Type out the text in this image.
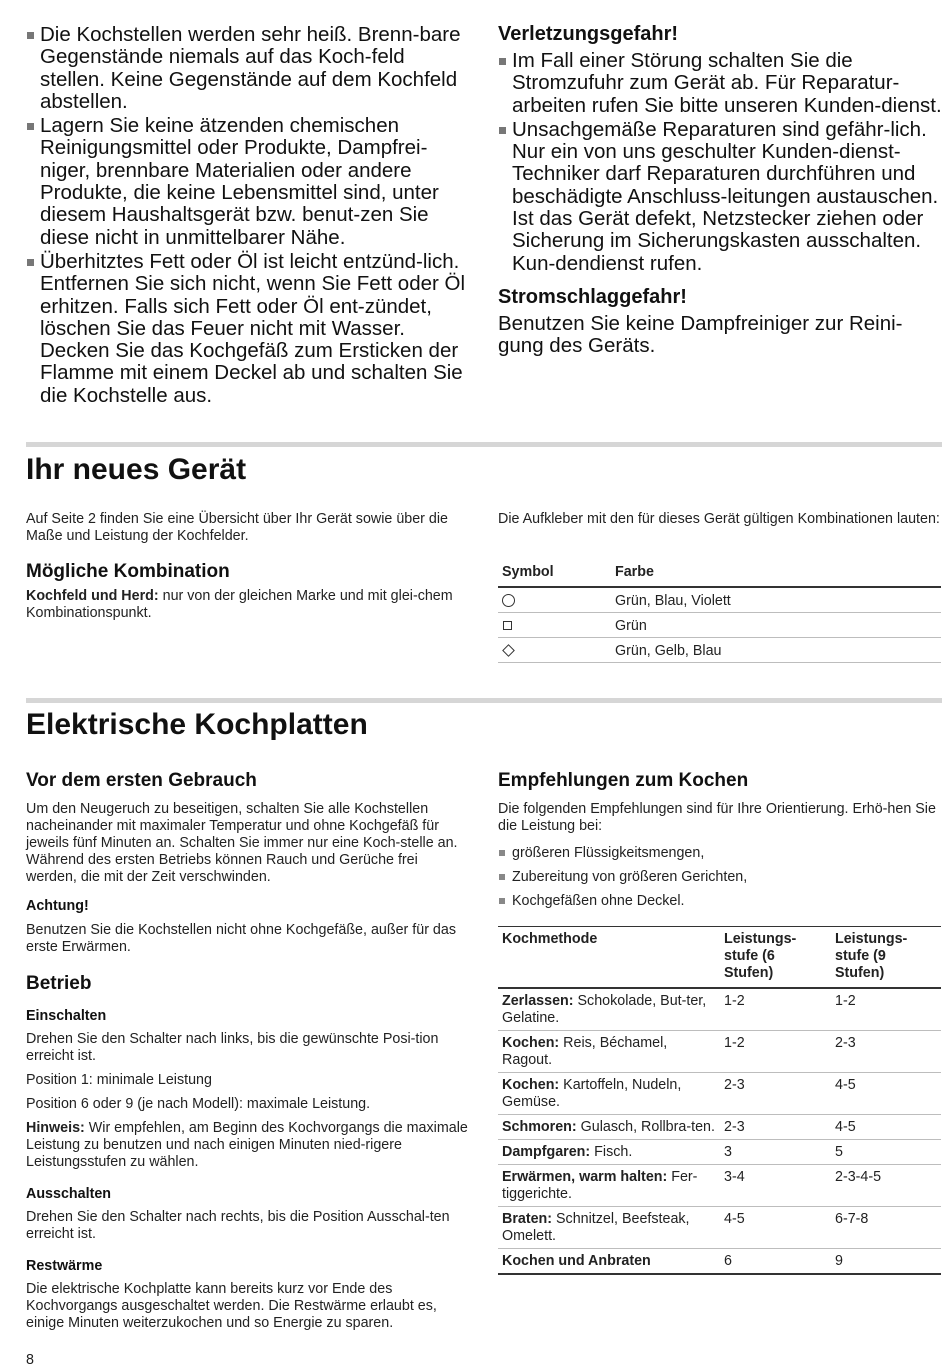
Die Kochstellen werden sehr heiß. Brenn-bare Gegenstände niemals auf das Koch-feld stellen. Keine Gegenstände auf dem Kochfeld abstellen.
Lagern Sie keine ätzenden chemischen Reinigungsmittel oder Produkte, Dampfrei-niger, brennbare Materialien oder andere Produkte, die keine Lebensmittel sind, unter diesem Haushaltsgerät bzw. benut-zen Sie diese nicht in unmittelbarer Nähe.
Überhitztes Fett oder Öl ist leicht entzünd-lich. Entfernen Sie sich nicht, wenn Sie Fett oder Öl erhitzen. Falls sich Fett oder Öl ent-zündet, löschen Sie das Feuer nicht mit Wasser. Decken Sie das Kochgefäß zum Ersticken der Flamme mit einem Deckel ab und schalten Sie die Kochstelle aus.
Verletzungsgefahr!
Im Fall einer Störung schalten Sie die Stromzufuhr zum Gerät ab. Für Reparatur-arbeiten rufen Sie bitte unseren Kunden-dienst.
Unsachgemäße Reparaturen sind gefähr-lich. Nur ein von uns geschulter Kunden-dienst-Techniker darf Reparaturen durchführen und beschädigte Anschluss-leitungen austauschen. Ist das Gerät defekt, Netzstecker ziehen oder Sicherung im Sicherungskasten ausschalten. Kun-dendienst rufen.
Stromschlaggefahr!

Benutzen Sie keine Dampfreiniger zur Reini-gung des Geräts.

Ihr neues Gerät

Auf Seite 2 finden Sie eine Übersicht über Ihr Gerät sowie über die Maße und Leistung der Kochfelder.

Mögliche Kombination

Kochfeld und Herd: nur von der gleichen Marke und mit glei-chem Kombinationspunkt.

Die Aufkleber mit den für dieses Gerät gültigen Kombinationen lauten:

Symbol	Farbe
	Grün, Blau, Violett
	Grün
	Grün, Gelb, Blau
Elektrische Kochplatten

Vor dem ersten Gebrauch

Um den Neugeruch zu beseitigen, schalten Sie alle Kochstellen nacheinander mit maximaler Temperatur und ohne Kochgefäß für jeweils fünf Minuten an. Schalten Sie immer nur eine Koch-stelle an. Während des ersten Betriebs können Rauch und Gerüche frei werden, die mit der Zeit verschwinden.

Achtung!

Benutzen Sie die Kochstellen nicht ohne Kochgefäße, außer für das erste Erwärmen.

Betrieb

Einschalten

Drehen Sie den Schalter nach links, bis die gewünschte Posi-tion erreicht ist.

Position 1: minimale Leistung

Position 6 oder 9 (je nach Modell): maximale Leistung.

Hinweis: Wir empfehlen, am Beginn des Kochvorgangs die maximale Leistung zu benutzen und nach einigen Minuten nied-rigere Leistungsstufen zu wählen.

Ausschalten

Drehen Sie den Schalter nach rechts, bis die Position Ausschal-ten erreicht ist.

Restwärme

Die elektrische Kochplatte kann bereits kurz vor Ende des Kochvorgangs ausgeschaltet werden. Die Restwärme erlaubt es, einige Minuten weiterzukochen und so Energie zu sparen.

Empfehlungen zum Kochen

Die folgenden Empfehlungen sind für Ihre Orientierung. Erhö-hen Sie die Leistung bei:

größeren Flüssigkeitsmengen,
Zubereitung von größeren Gerichten,
Kochgefäßen ohne Deckel.
Kochmethode	Leistungs-stufe (6 Stufen)	Leistungs-stufe (9 Stufen)
Zerlassen: Schokolade, But-ter, Gelatine.	1-2	1-2
Kochen: Reis, Béchamel, Ragout.	1-2	2-3
Kochen: Kartoffeln, Nudeln, Gemüse.	2-3	4-5
Schmoren: Gulasch, Rollbra-ten.	2-3	4-5
Dampfgaren: Fisch.	3	5
Erwärmen, warm halten: Fer-tiggerichte.	3-4	2-3-4-5
Braten: Schnitzel, Beefsteak, Omelett.	4-5	6-7-8
Kochen und Anbraten	6	9
8
